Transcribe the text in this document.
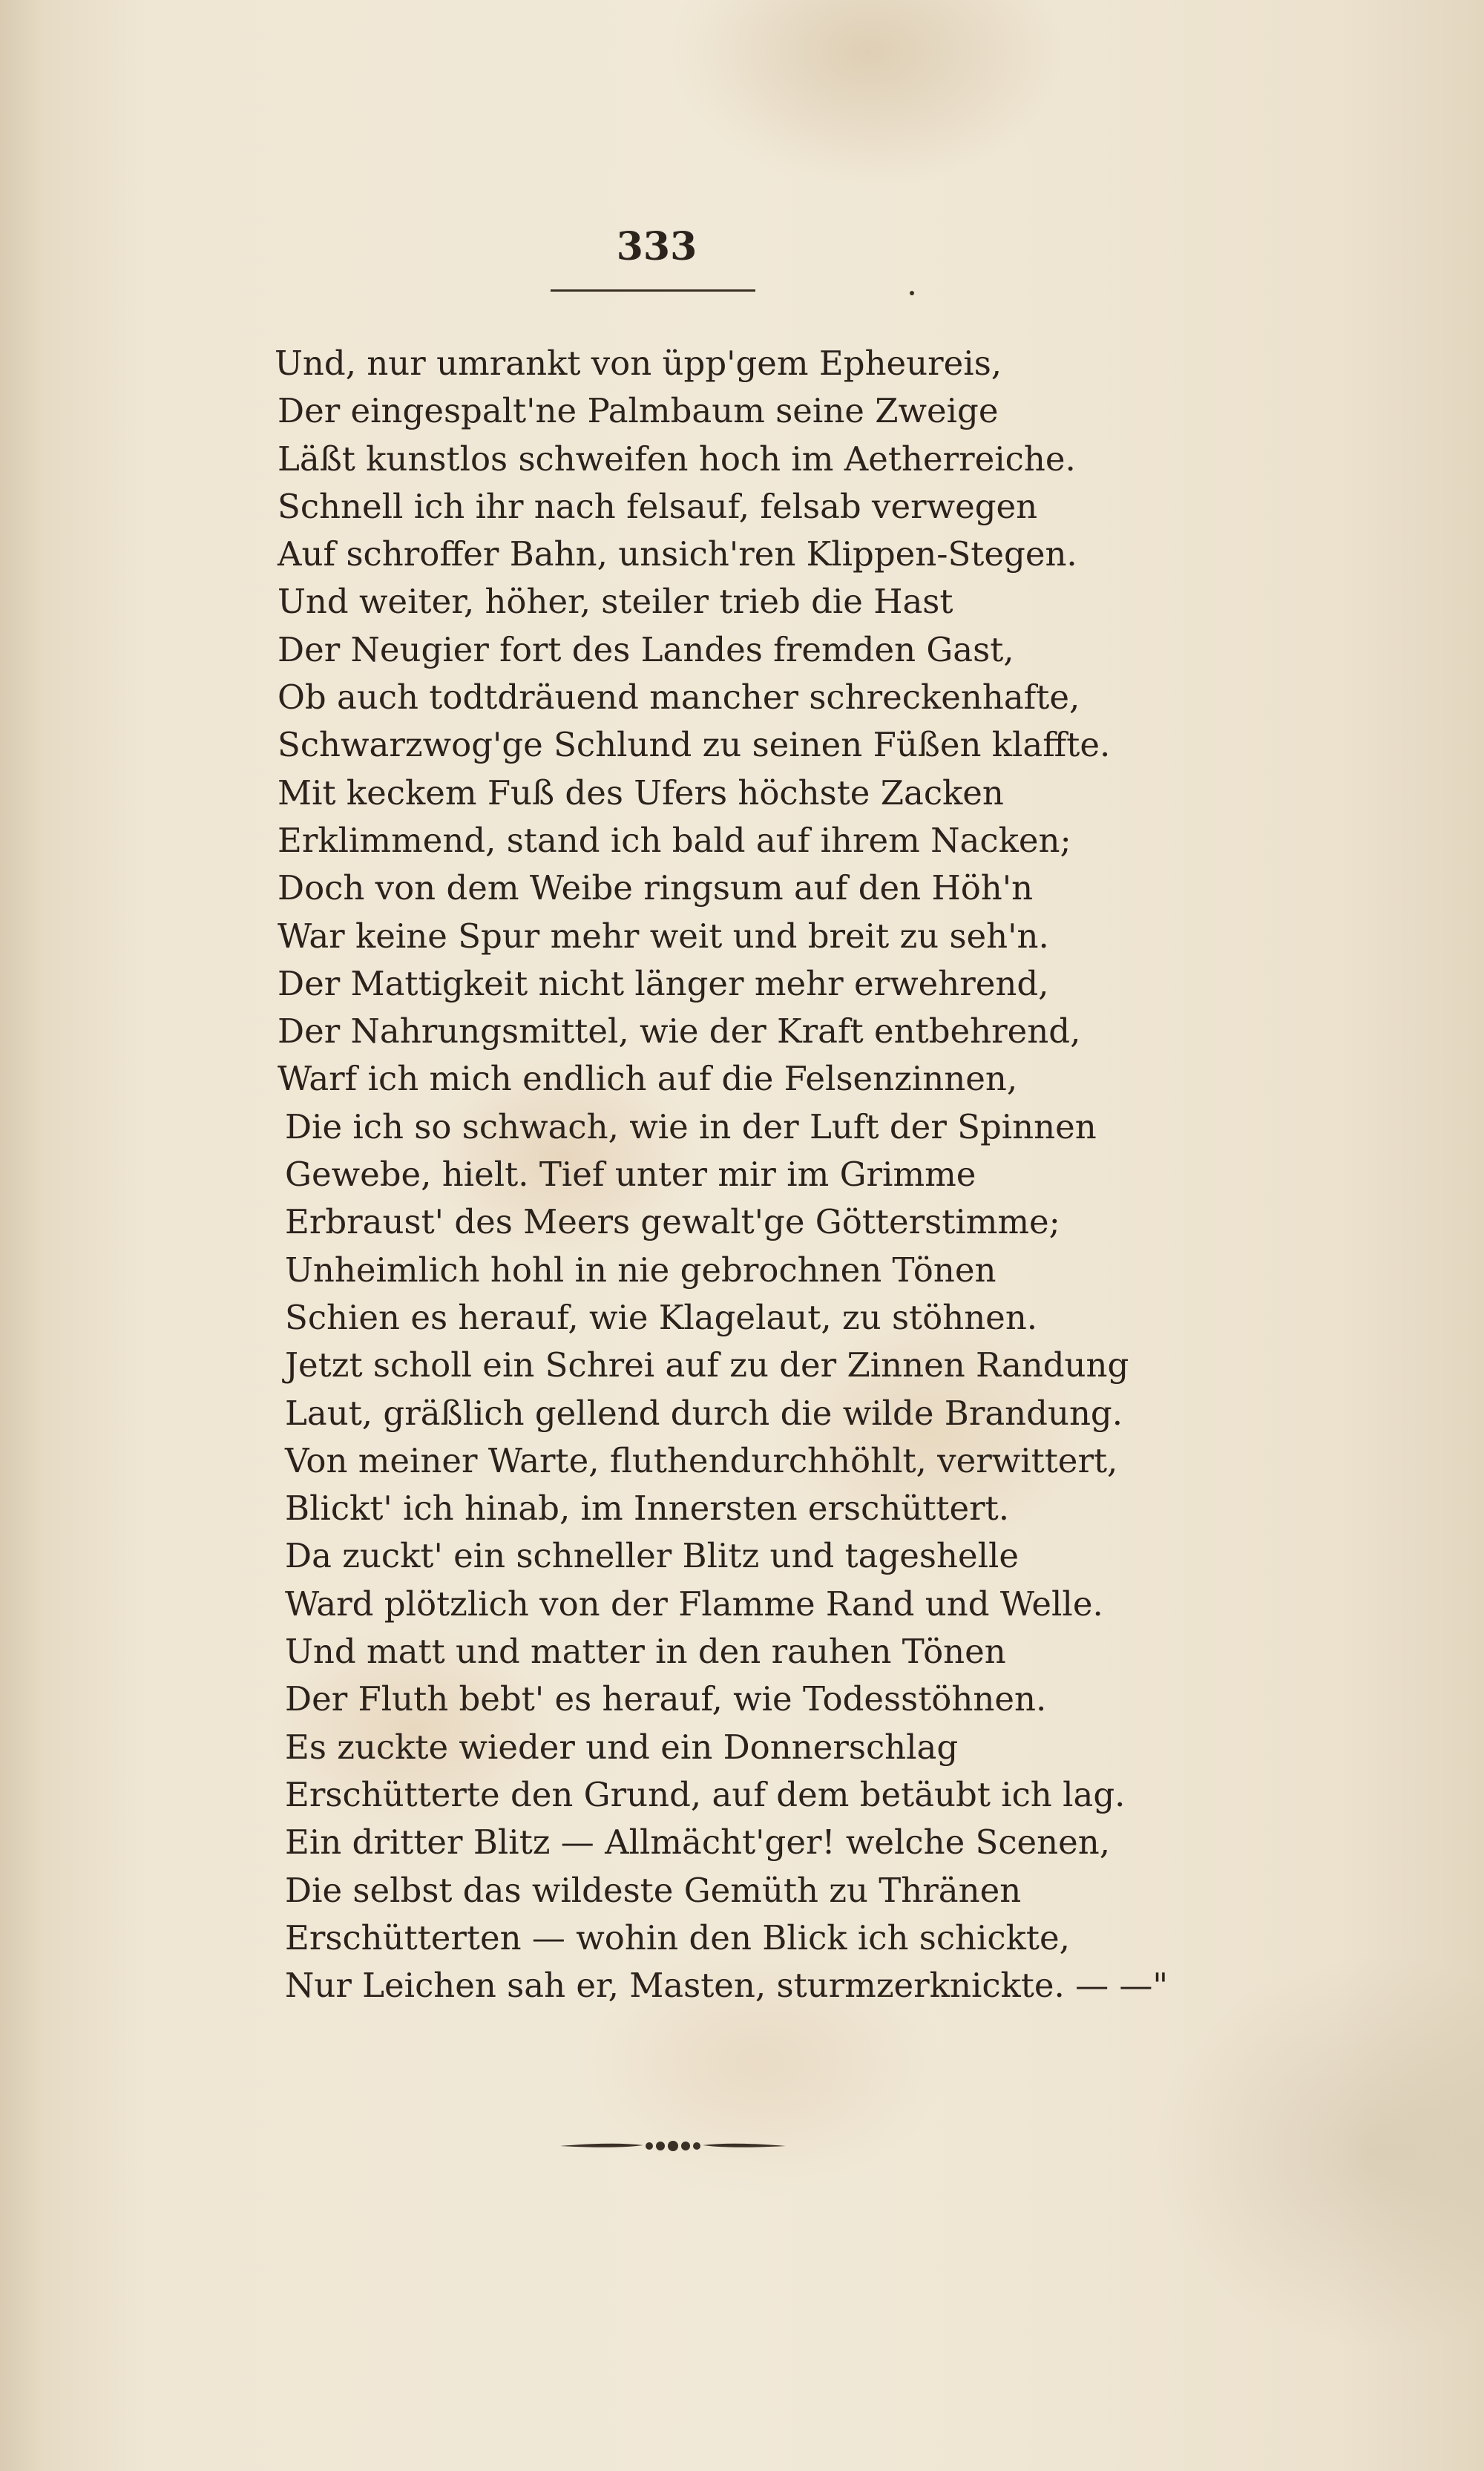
333
Und, nur umrankt von üpp'gem Epheureis,
Der eingespalt'ne Palmbaum seine Zweige
Läßt kunstlos schweifen hoch im Aetherreiche.
Schnell ich ihr nach felsauf, felsab verwegen
Auf schroffer Bahn, unsich'ren Klippen-Stegen.
Und weiter, höher, steiler trieb die Hast
Der Neugier fort des Landes fremden Gast,
Ob auch todtdräuend mancher schreckenhafte,
Schwarzwog'ge Schlund zu seinen Füßen klaffte.
Mit keckem Fuß des Ufers höchste Zacken
Erklimmend, stand ich bald auf ihrem Nacken;
Doch von dem Weibe ringsum auf den Höh'n
War keine Spur mehr weit und breit zu seh'n.
Der Mattigkeit nicht länger mehr erwehrend,
Der Nahrungsmittel, wie der Kraft entbehrend,
Warf ich mich endlich auf die Felsenzinnen,
Die ich so schwach, wie in der Luft der Spinnen
Gewebe, hielt. Tief unter mir im Grimme
Erbraust' des Meers gewalt'ge Götterstimme;
Unheimlich hohl in nie gebrochnen Tönen
Schien es herauf, wie Klagelaut, zu stöhnen.
Jetzt scholl ein Schrei auf zu der Zinnen Randung
Laut, gräßlich gellend durch die wilde Brandung.
Von meiner Warte, fluthendurchhöhlt, verwittert,
Blickt' ich hinab, im Innersten erschüttert.
Da zuckt' ein schneller Blitz und tageshelle
Ward plötzlich von der Flamme Rand und Welle.
Und matt und matter in den rauhen Tönen
Der Fluth bebt' es herauf, wie Todesstöhnen.
Es zuckte wieder und ein Donnerschlag
Erschütterte den Grund, auf dem betäubt ich lag.
Ein dritter Blitz — Allmächt'ger! welche Scenen,
Die selbst das wildeste Gemüth zu Thränen
Erschütterten — wohin den Blick ich schickte,
Nur Leichen sah er, Masten, sturmzerknickte. — —"
